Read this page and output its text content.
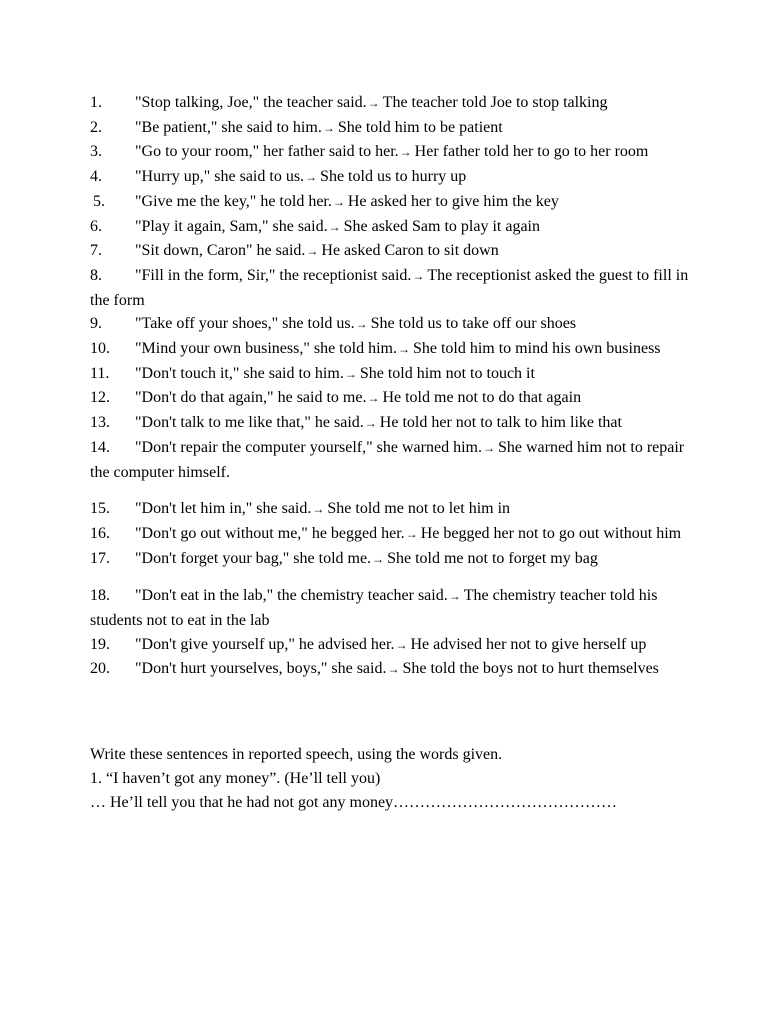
1. "Stop talking, Joe," the teacher said.→ The teacher told Joe to stop talking
2. "Be patient," she said to him.→ She told him to be patient
3. "Go to your room," her father said to her.→ Her father told her to go to her room
4. "Hurry up," she said to us.→ She told us to hurry up
5. "Give me the key," he told her.→ He asked her to give him the key
6. "Play it again, Sam," she said.→ She asked Sam to play it again
7. "Sit down, Caron" he said.→ He asked Caron to sit down
8. "Fill in the form, Sir," the receptionist said.→ The receptionist asked the guest to fill in the form
9. "Take off your shoes," she told us.→ She told us to take off our shoes
10. "Mind your own business," she told him.→ She told him to mind his own business
11. "Don't touch it," she said to him.→ She told him not to touch it
12. "Don't do that again," he said to me.→ He told me not to do that again
13. "Don't talk to me like that," he said.→ He told her not to talk to him like that
14. "Don't repair the computer yourself," she warned him.→ She warned him not to repair the computer himself.
15. "Don't let him in," she said.→ She told me not to let him in
16. "Don't go out without me," he begged her.→ He begged her not to go out without him
17. "Don't forget your bag," she told me.→ She told me not to forget my bag
18. "Don't eat in the lab," the chemistry teacher said.→ The chemistry teacher told his students not to eat in the lab
19. "Don't give yourself up," he advised her.→ He advised her not to give herself up
20. "Don't hurt yourselves, boys," she said.→ She told the boys not to hurt themselves
Write these sentences in reported speech, using the words given.
1. “I haven’t got any money”. (He’ll tell you)
… He’ll tell you that he had not got any money……………………………………
